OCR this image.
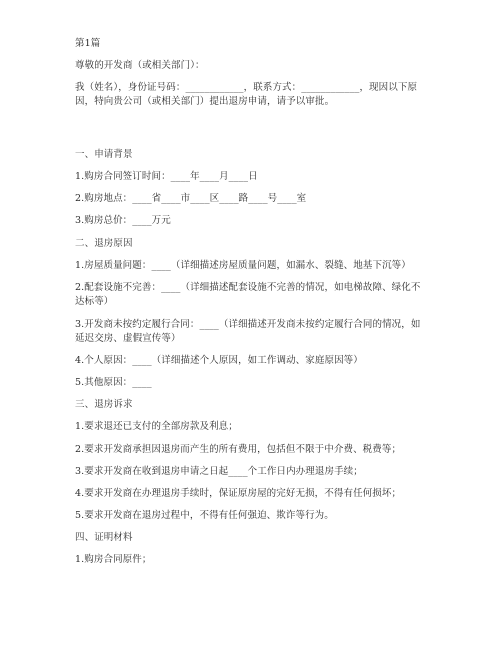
第1篇
尊敬的开发商（或相关部门）：
我（姓名），身份证号码：____________，联系方式：____________，现因以下原
因，特向贵公司（或相关部门）提出退房申请，请予以审批。
一、申请背景
1.购房合同签订时间：____年____月____日
2.购房地点：____省____市____区____路____号____室
3.购房总价：____万元
二、退房原因
1.房屋质量问题：____（详细描述房屋质量问题，如漏水、裂缝、地基下沉等）
2.配套设施不完善：____（详细描述配套设施不完善的情况，如电梯故障、绿化不
达标等）
3.开发商未按约定履行合同：____（详细描述开发商未按约定履行合同的情况，如
延迟交房、虚假宣传等）
4.个人原因：____（详细描述个人原因，如工作调动、家庭原因等）
5.其他原因：____
三、退房诉求
1.要求退还已支付的全部房款及利息；
2.要求开发商承担因退房而产生的所有费用，包括但不限于中介费、税费等；
3.要求开发商在收到退房申请之日起____个工作日内办理退房手续；
4.要求开发商在办理退房手续时，保证原房屋的完好无损，不得有任何损坏；
5.要求开发商在退房过程中，不得有任何强迫、欺诈等行为。
四、证明材料
1.购房合同原件；
